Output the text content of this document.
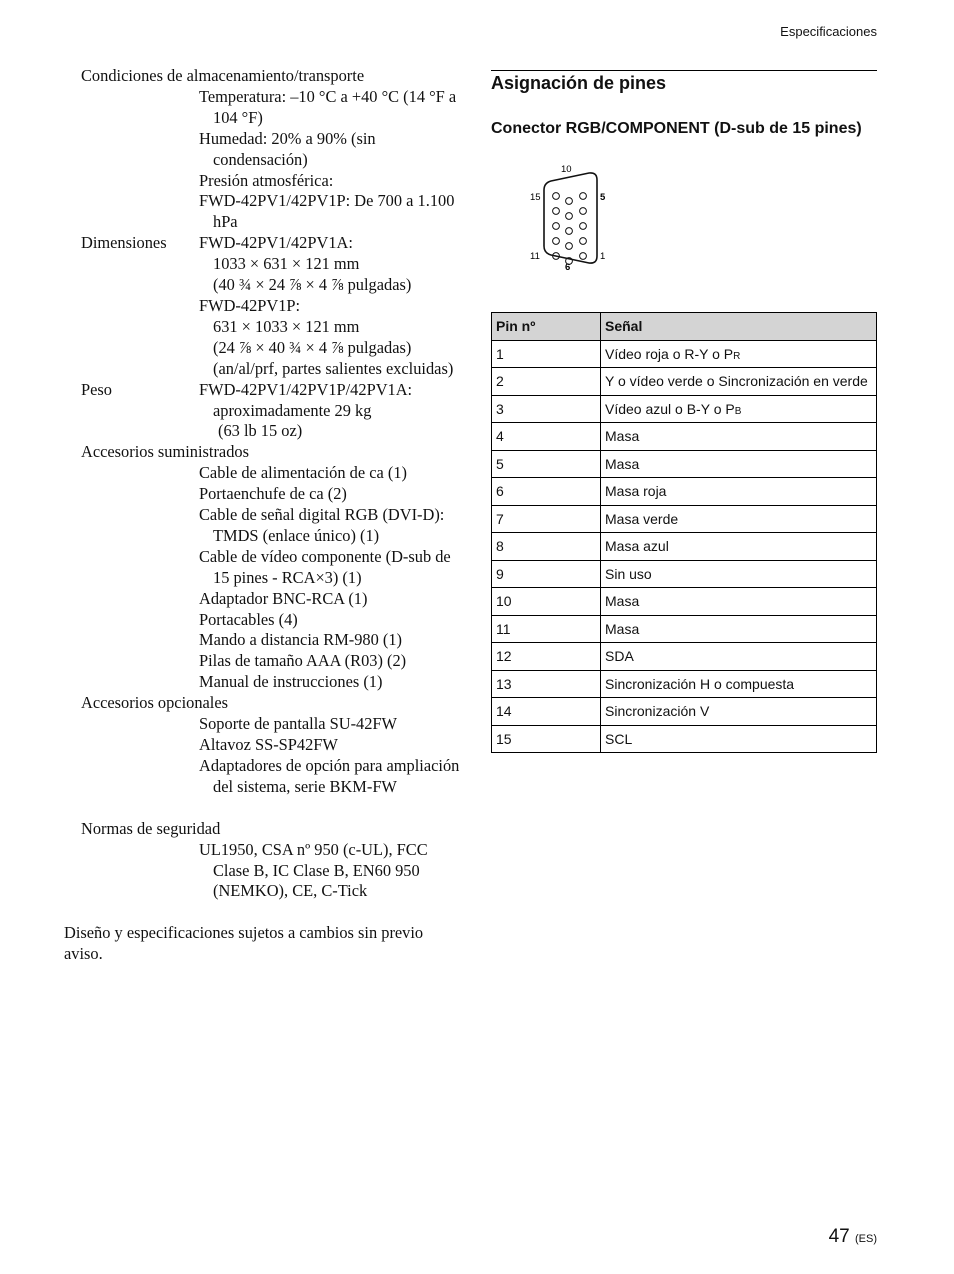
Especificaciones
Condiciones de almacenamiento/transporte
Temperatura: –10 °C a +40 °C (14 °F a 104 °F)
Humedad: 20% a 90% (sin condensación)
Presión atmosférica:
FWD-42PV1/42PV1P: De 700 a 1.100 hPa
Dimensiones FWD-42PV1/42PV1A:
1033 × 631 × 121 mm
(40 ¾ × 24 ⅞ × 4 ⅞ pulgadas)
FWD-42PV1P:
631 × 1033 × 121 mm
(24 ⅞ × 40 ¾ × 4 ⅞ pulgadas)
(an/al/prf, partes salientes excluidas)
Peso	FWD-42PV1/42PV1P/42PV1A: aproximadamente 29 kg
(63 lb 15 oz)
Accesorios suministrados
Cable de alimentación de ca (1)
Portaenchufe de ca (2)
Cable de señal digital RGB (DVI-D): TMDS (enlace único) (1)
Cable de vídeo componente (D-sub de 15 pines - RCA×3) (1)
Adaptador BNC-RCA (1)
Portacables (4)
Mando a distancia RM-980 (1)
Pilas de tamaño AAA (R03) (2)
Manual de instrucciones (1)
Accesorios opcionales
Soporte de pantalla SU-42FW
Altavoz SS-SP42FW
Adaptadores de opción para ampliación del sistema, serie BKM-FW
Normas de seguridad
UL1950, CSA nº 950 (c-UL), FCC Clase B, IC Clase B, EN60 950 (NEMKO), CE, C-Tick
Diseño y especificaciones sujetos a cambios sin previo aviso.
Asignación de pines
Conector RGB/COMPONENT (D-sub de 15 pines)
10
15	5
11	1
6
Pin nº	Señal
1	Vídeo roja o R-Y o PR
2	Y o vídeo verde o Sincronización en verde
3	Vídeo azul o B-Y o PB
4	Masa
5	Masa
6	Masa roja
7	Masa verde
8	Masa azul
9	Sin uso
10	Masa
11	Masa
12	SDA
13	Sincronización H o compuesta
14	Sincronización V
15	SCL
47 (ES)
